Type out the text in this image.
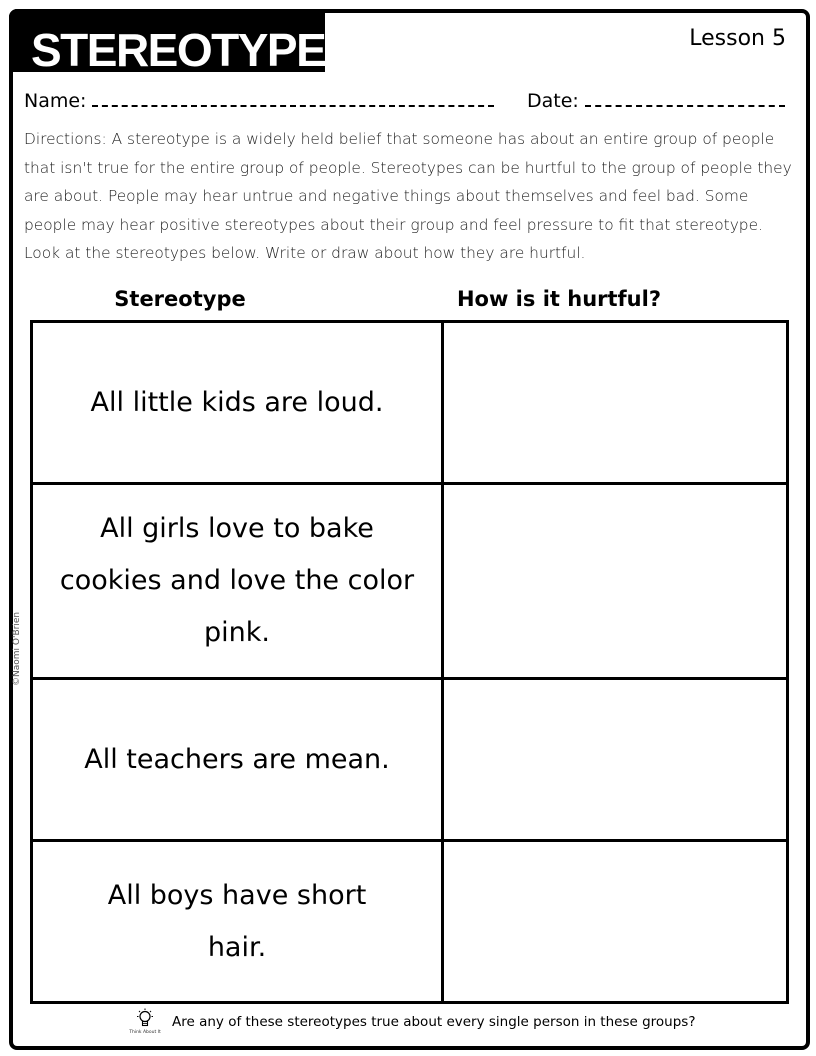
STEREOTYPES	Lesson 5
Name:	Date:
Directions: A stereotype is a widely held belief that someone has about an entire group of people that isn't true for the entire group of people. Stereotypes can be hurtful to the group of people they are about. People may hear untrue and negative things about themselves and feel bad. Some people may hear positive stereotypes about their group and feel pressure to fit that stereotype. Look at the stereotypes below. Write or draw about how they are hurtful.
Stereotype	How is it hurtful?
All little kids are loud.	
All girls love to bake cookies and love the color pink.	
All teachers are mean.	
All boys have short hair.	
©Naomi O'Brien
Think About It
Are any of these stereotypes true about every single person in these groups?
